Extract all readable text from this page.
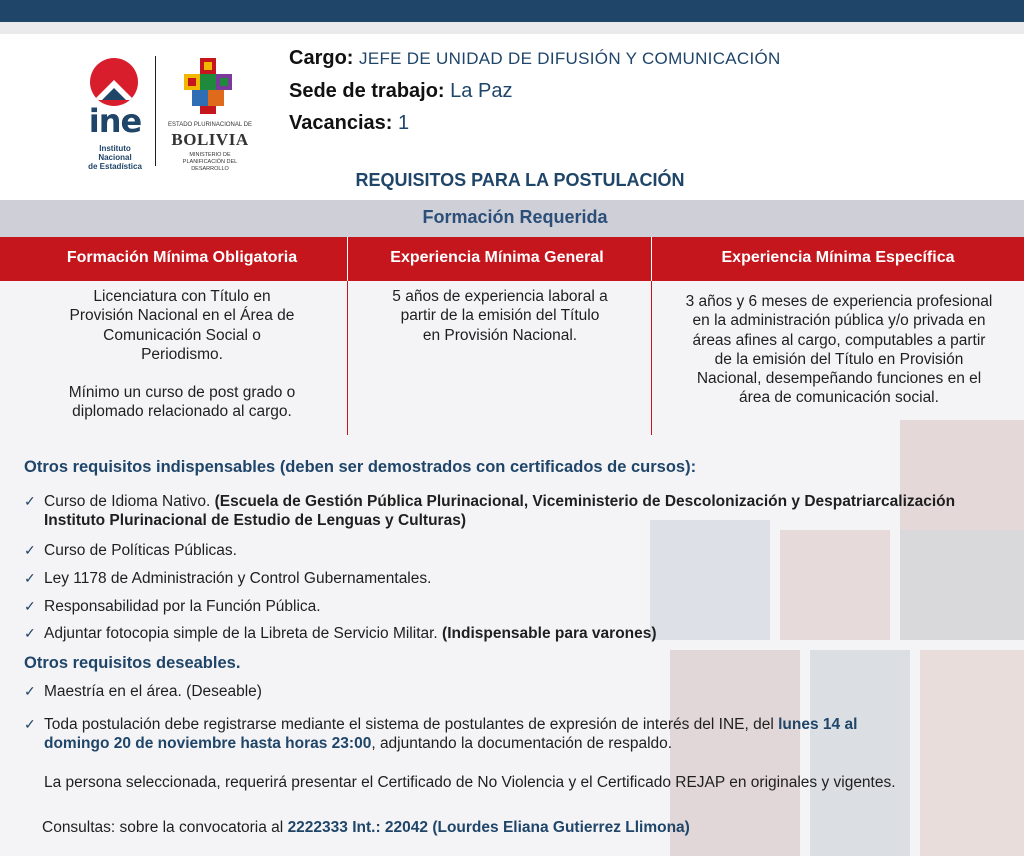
ine
Instituto Nacional
de Estadística
ESTADO PLURINACIONAL DE
BOLIVIA
MINISTERIO DE
PLANIFICACIÓN DEL DESARROLLO
Cargo: JEFE DE UNIDAD DE DIFUSIÓN Y COMUNICACIÓN
Sede de trabajo: La Paz
Vacancias: 1
REQUISITOS PARA LA POSTULACIÓN
Formación Requerida
Formación Mínima Obligatoria	Experiencia Mínima General	Experiencia Mínima Específica
Licenciatura con Título en
Provisión Nacional en el Área de
Comunicación Social o
Periodismo.
Mínimo un curso de post grado o
diplomado relacionado al cargo.
5 años de experiencia laboral a
partir de la emisión del Título
en Provisión Nacional.
3 años y 6 meses de experiencia profesional
en la administración pública y/o privada en
áreas afines al cargo, computables a partir
de la emisión del Título en Provisión
Nacional, desempeñando funciones en el
área de comunicación social.
Otros requisitos indispensables (deben ser demostrados con certificados de cursos):
✓ Curso de Idioma Nativo. (Escuela de Gestión Pública Plurinacional, Viceministerio de Descolonización y Despatriarcalización
Instituto Plurinacional de Estudio de Lenguas y Culturas)
✓ Curso de Políticas Públicas.
✓ Ley 1178 de Administración y Control Gubernamentales.
✓ Responsabilidad por la Función Pública.
✓ Adjuntar fotocopia simple de la Libreta de Servicio Militar. (Indispensable para varones)
Otros requisitos deseables.
✓ Maestría en el área. (Deseable)
✓ Toda postulación debe registrarse mediante el sistema de postulantes de expresión de interés del INE, del lunes 14 al
domingo 20 de noviembre hasta horas 23:00, adjuntando la documentación de respaldo.
La persona seleccionada, requerirá presentar el Certificado de No Violencia y el Certificado REJAP en originales y vigentes.
Consultas: sobre la convocatoria al 2222333 Int.: 22042 (Lourdes Eliana Gutierrez Llimona)
